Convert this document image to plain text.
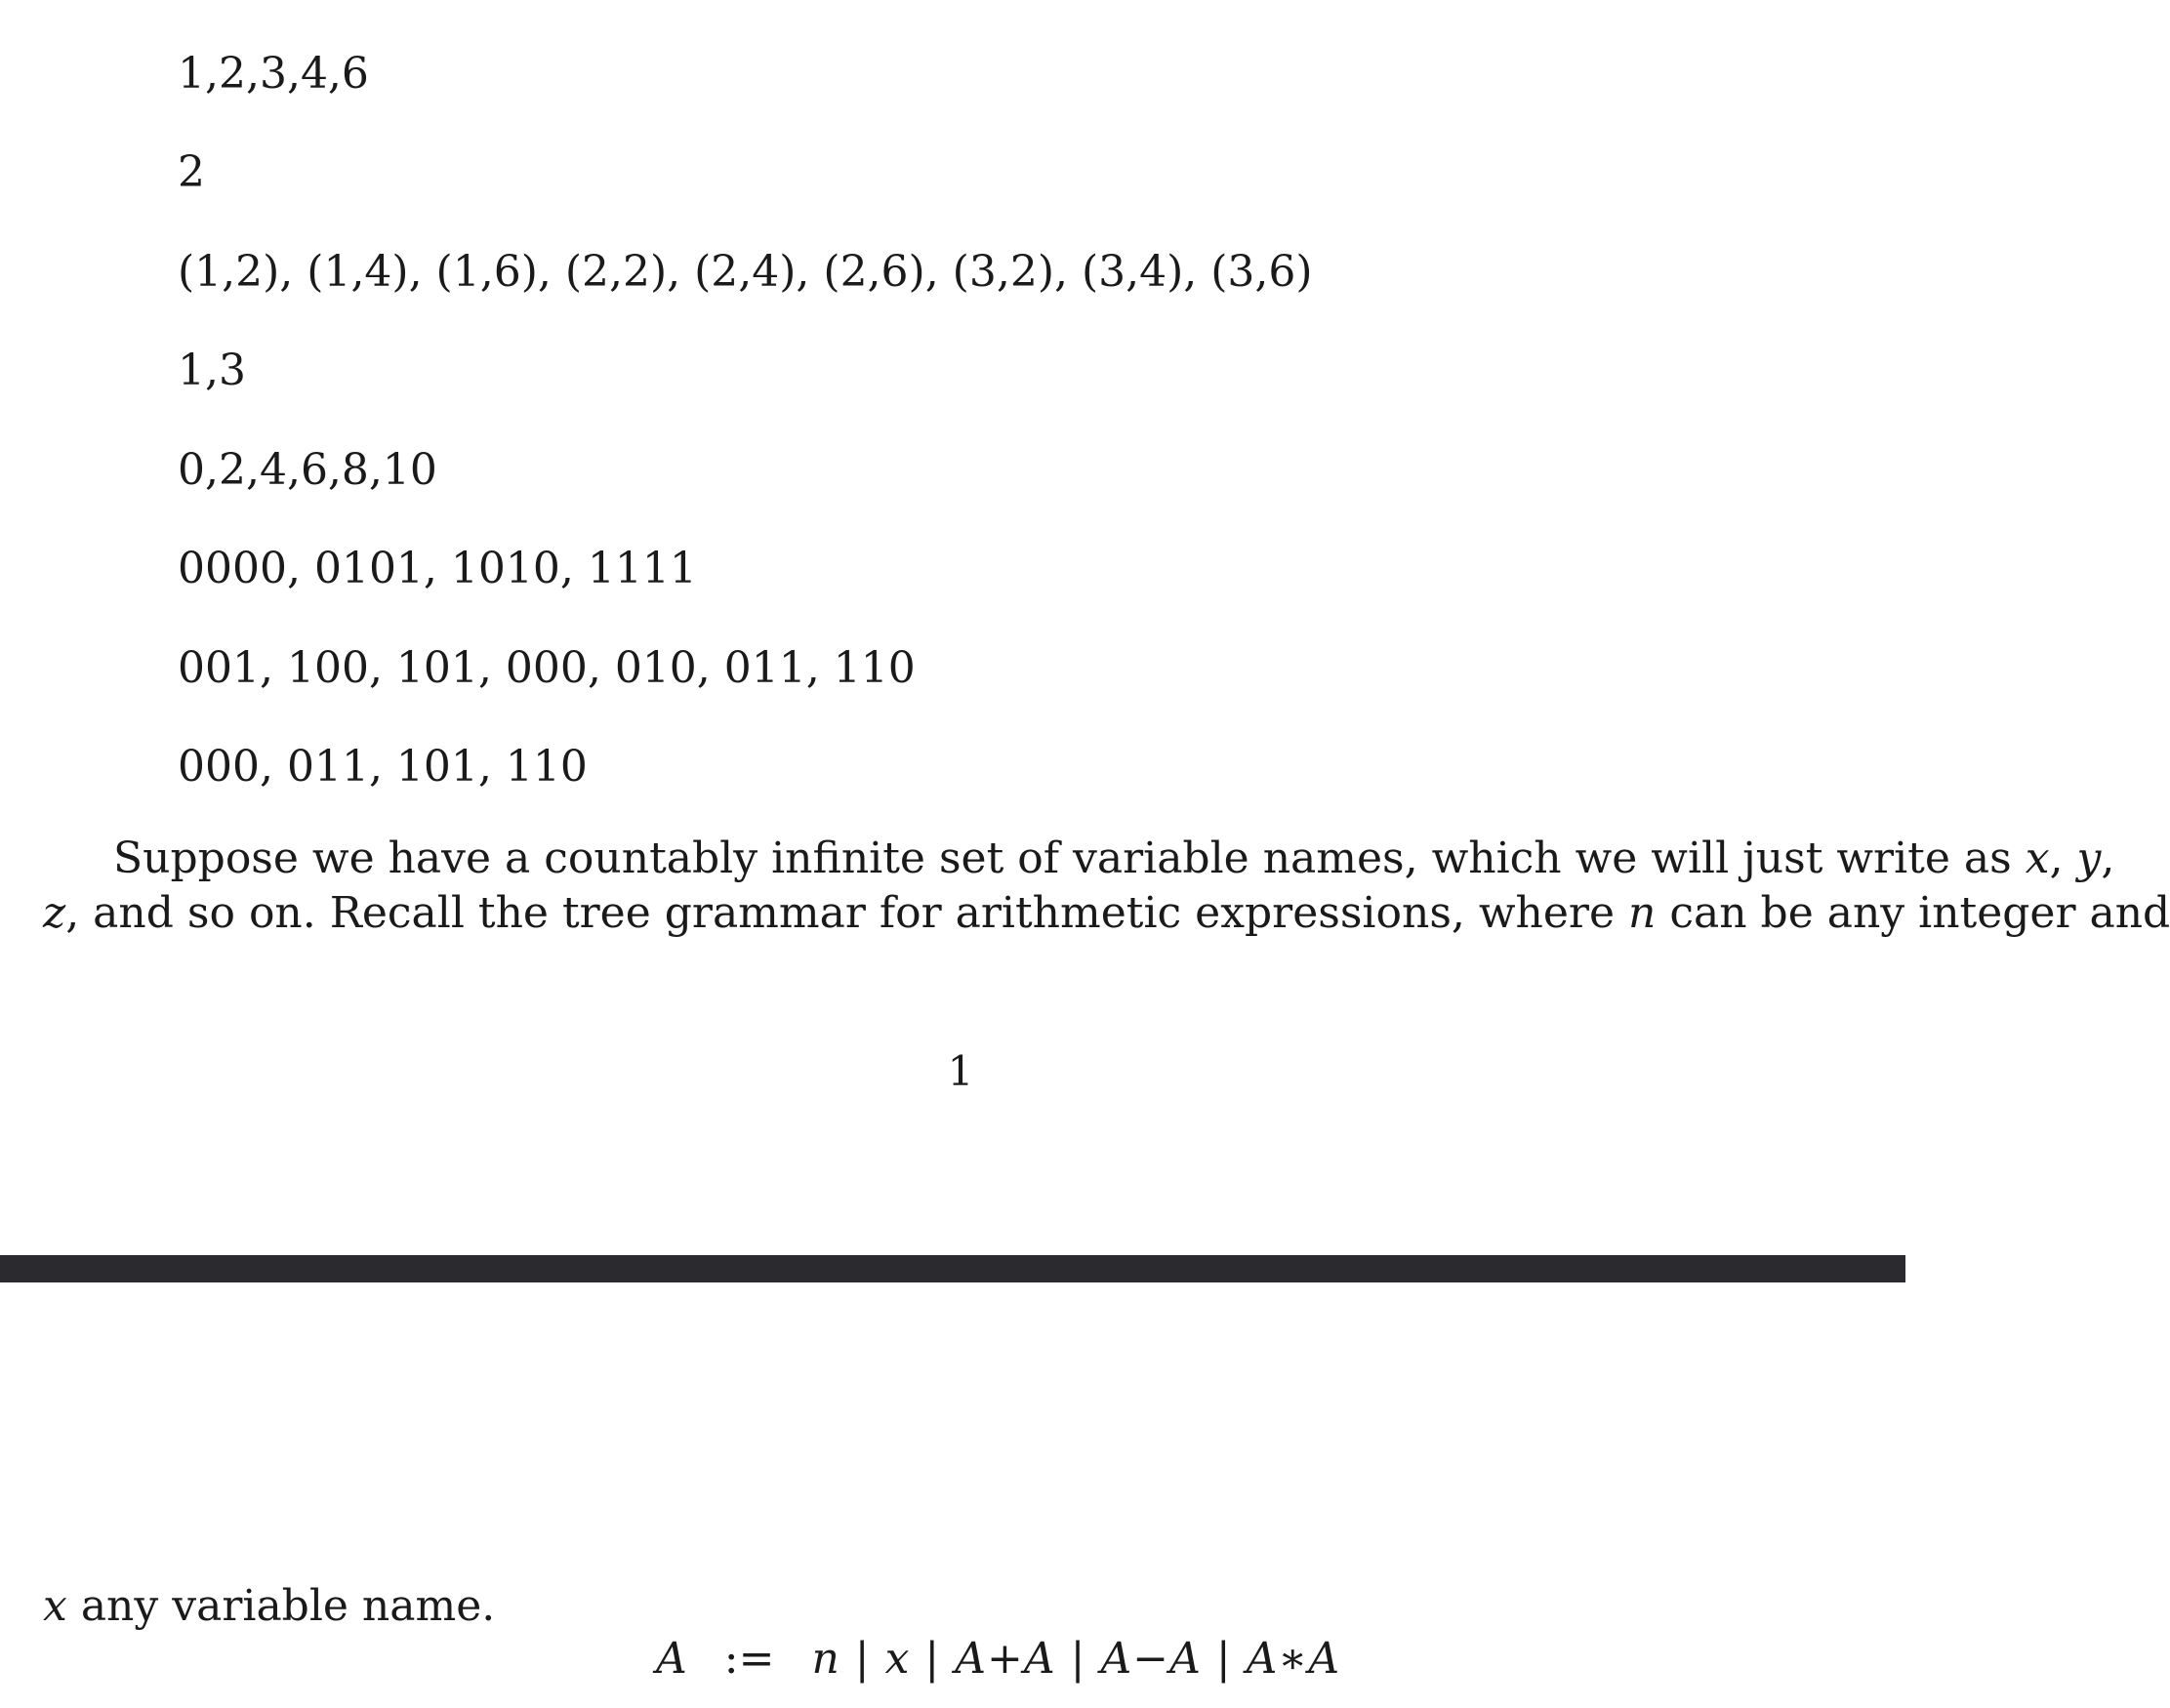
1,2,3,4,6
2
(1,2), (1,4), (1,6), (2,2), (2,4), (2,6), (3,2), (3,4), (3,6)
1,3
0,2,4,6,8,10
0000, 0101, 1010, 1111
001, 100, 101, 000, 010, 011, 110
000, 011, 101, 110
Suppose we have a countably infinite set of variable names, which we will just write as x, y,
z, and so on. Recall the tree grammar for arithmetic expressions, where n can be any integer and
1
x any variable name.
A := n | x | A+A | A−A | A∗A
